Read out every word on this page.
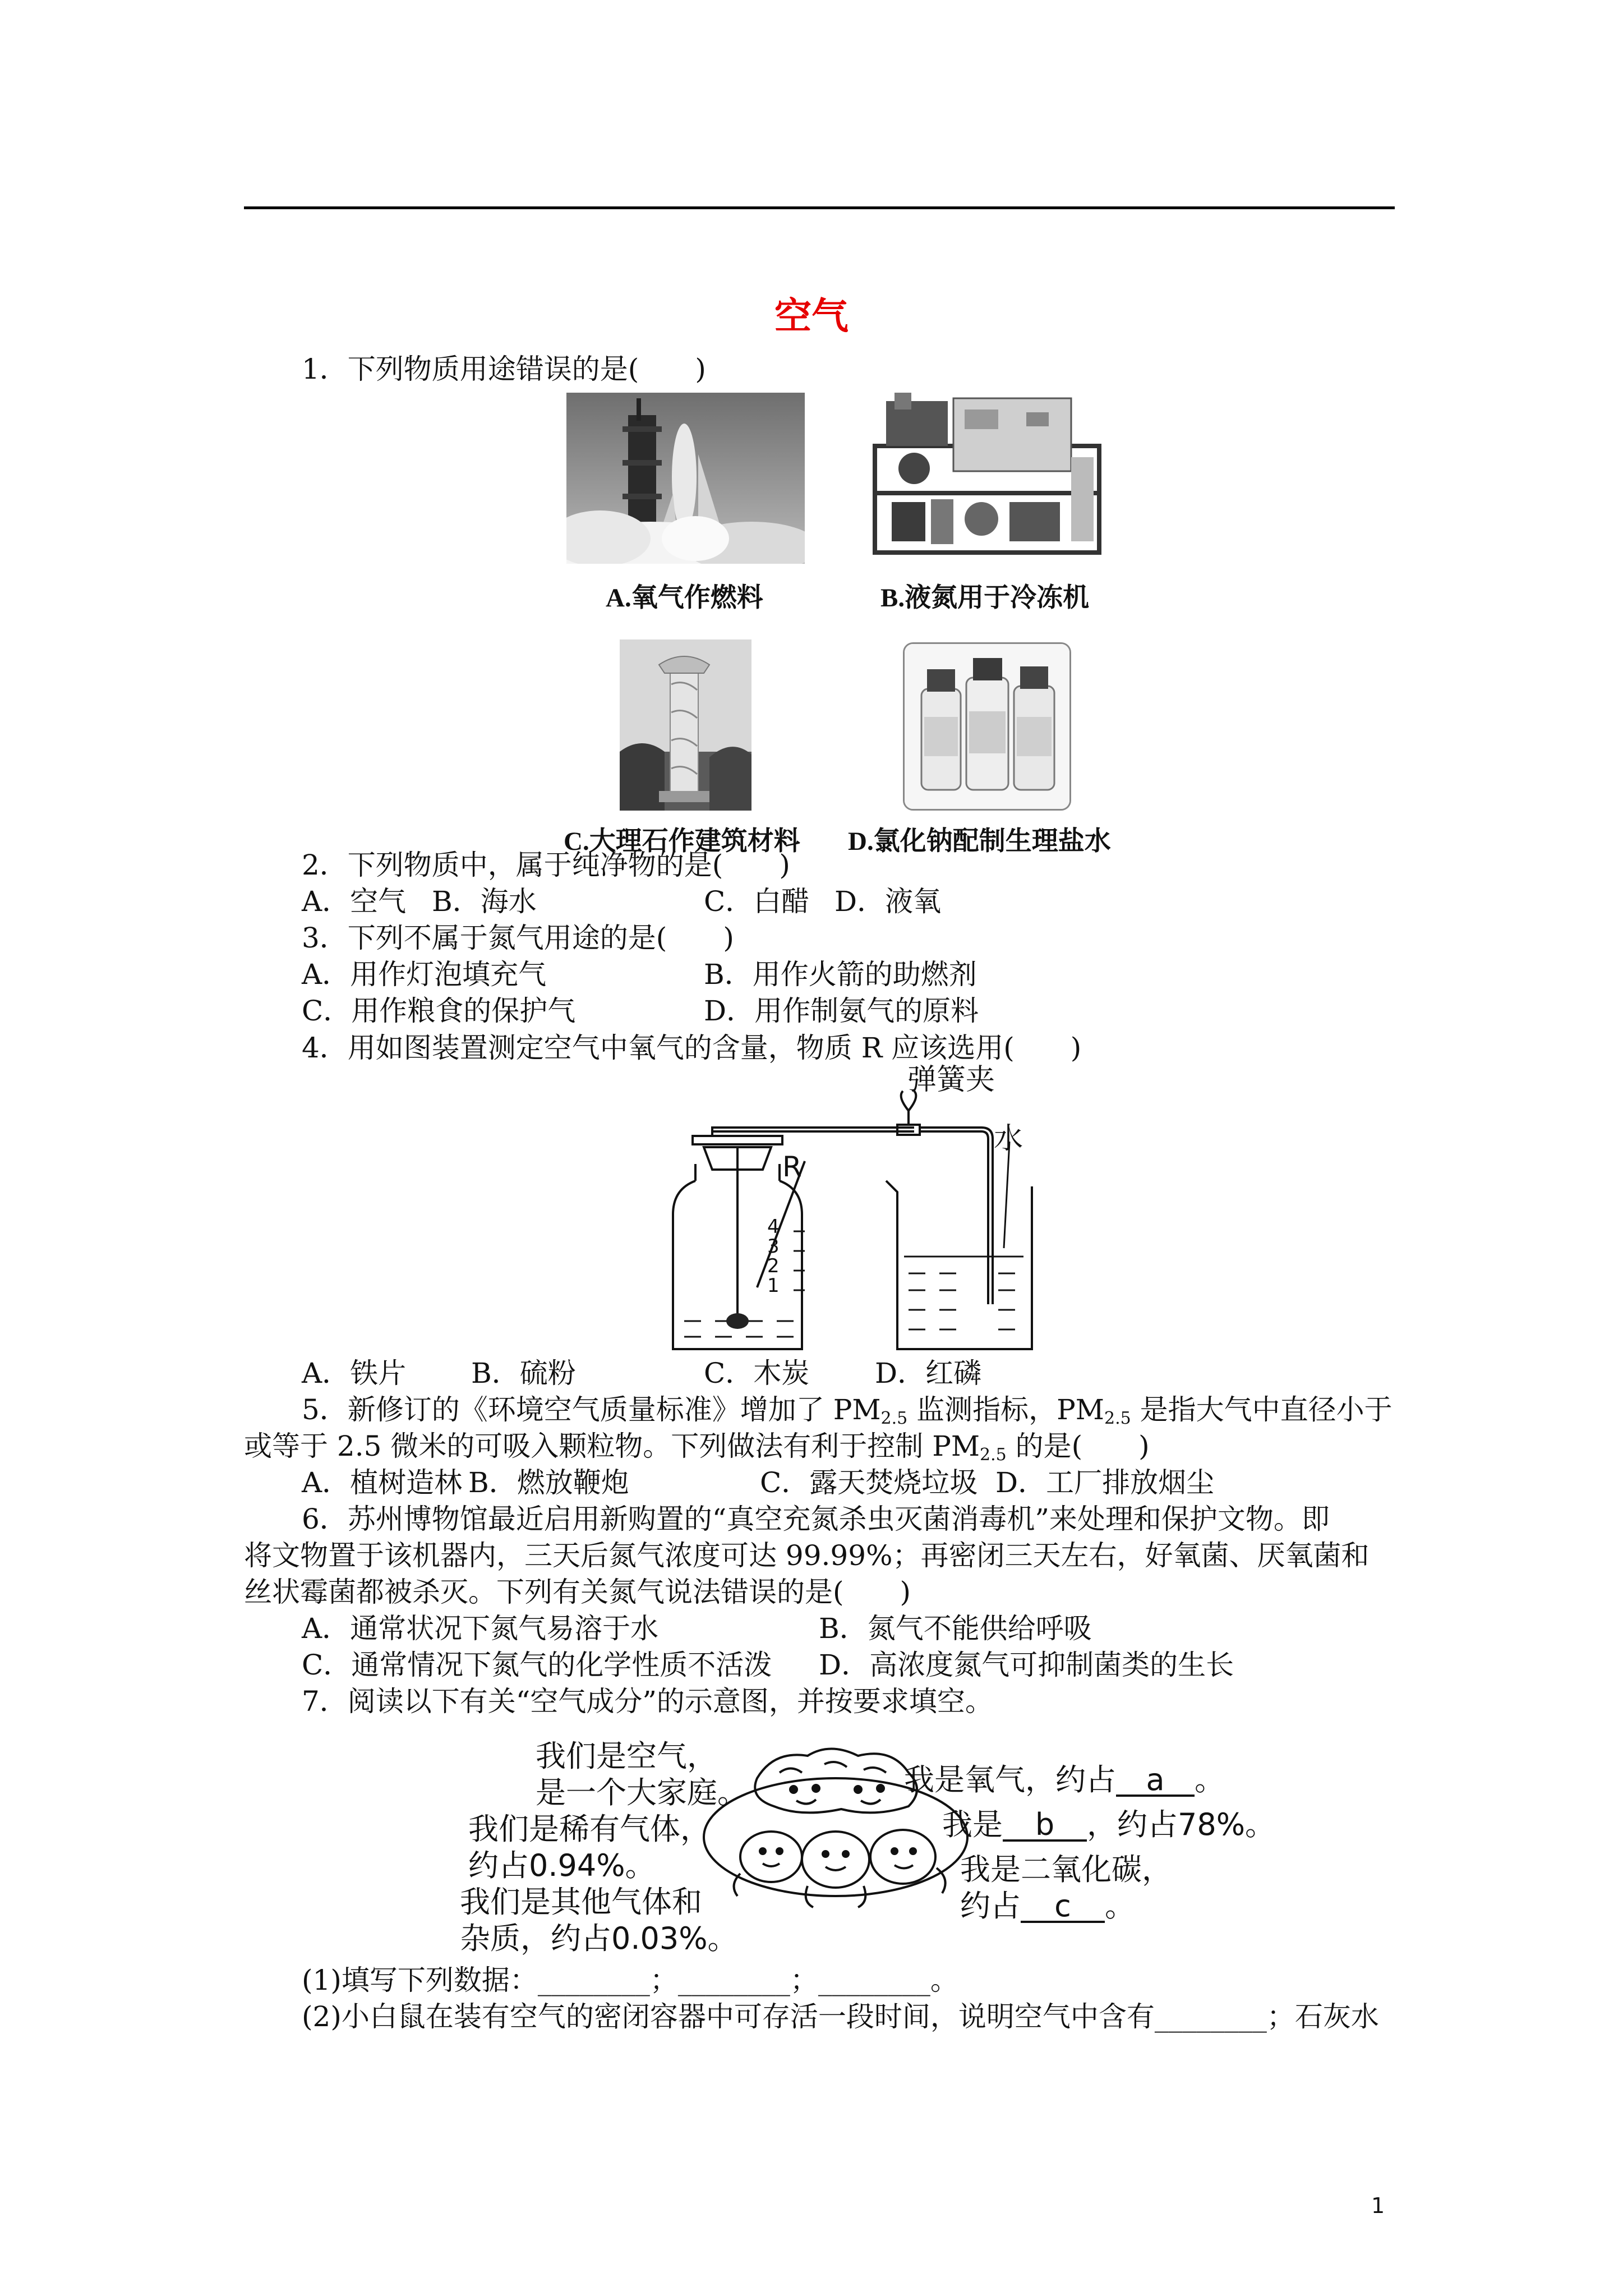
空气
1．下列物质用途错误的是(　　)
A.氧气作燃料	B.液氮用于冷冻机
C.大理石作建筑材料 D.氯化钠配制生理盐水
2．下列物质中，属于纯净物的是(　　)
A．空气 B．海水	C．白醋 D．液氧
3．下列不属于氮气用途的是(　　)
A．用作灯泡填充气	B．用作火箭的助燃剂
C．用作粮食的保护气	D．用作制氨气的原料
4．用如图装置测定空气中氧气的含量，物质 R 应该选用(　　)
弹簧夹
水
R
4
3
2
1
A．铁片 B．硫粉	C．木炭 D．红磷
5．新修订的《环境空气质量标准》增加了 $PM_{2.5}$ 监测指标，$PM_{2.5}$ 是指大气中直径小于
或等于 2.5 微米的可吸入颗粒物。下列做法有利于控制 $PM_{2.5}$ 的是(　　)
A．植树造林 B．燃放鞭炮	C．露天焚烧垃圾 D．工厂排放烟尘
6．苏州博物馆最近启用新购置的“真空充氮杀虫灭菌消毒机”来处理和保护文物。即
将文物置于该机器内，三天后氮气浓度可达 99.99%；再密闭三天左右，好氧菌、厌氧菌和
丝状霉菌都被杀灭。下列有关氮气说法错误的是(　　)
A．通常状况下氮气易溶于水	B．氮气不能供给呼吸
C．通常情况下氮气的化学性质不活泼 D．高浓度氮气可抑制菌类的生长
7．阅读以下有关“空气成分”的示意图，并按要求填空。
我们是空气，
是一个大家庭。
我们是稀有气体，
约占0.94%。
我们是其他气体和
杂质，约占0.03%。
我是氧气，约占 a 。
我是 b ，约占78%。
我是二氧化碳，
约占 c 。
(1)填写下列数据：________；________；________。
(2)小白鼠在装有空气的密闭容器中可存活一段时间，说明空气中含有________；石灰水
1
